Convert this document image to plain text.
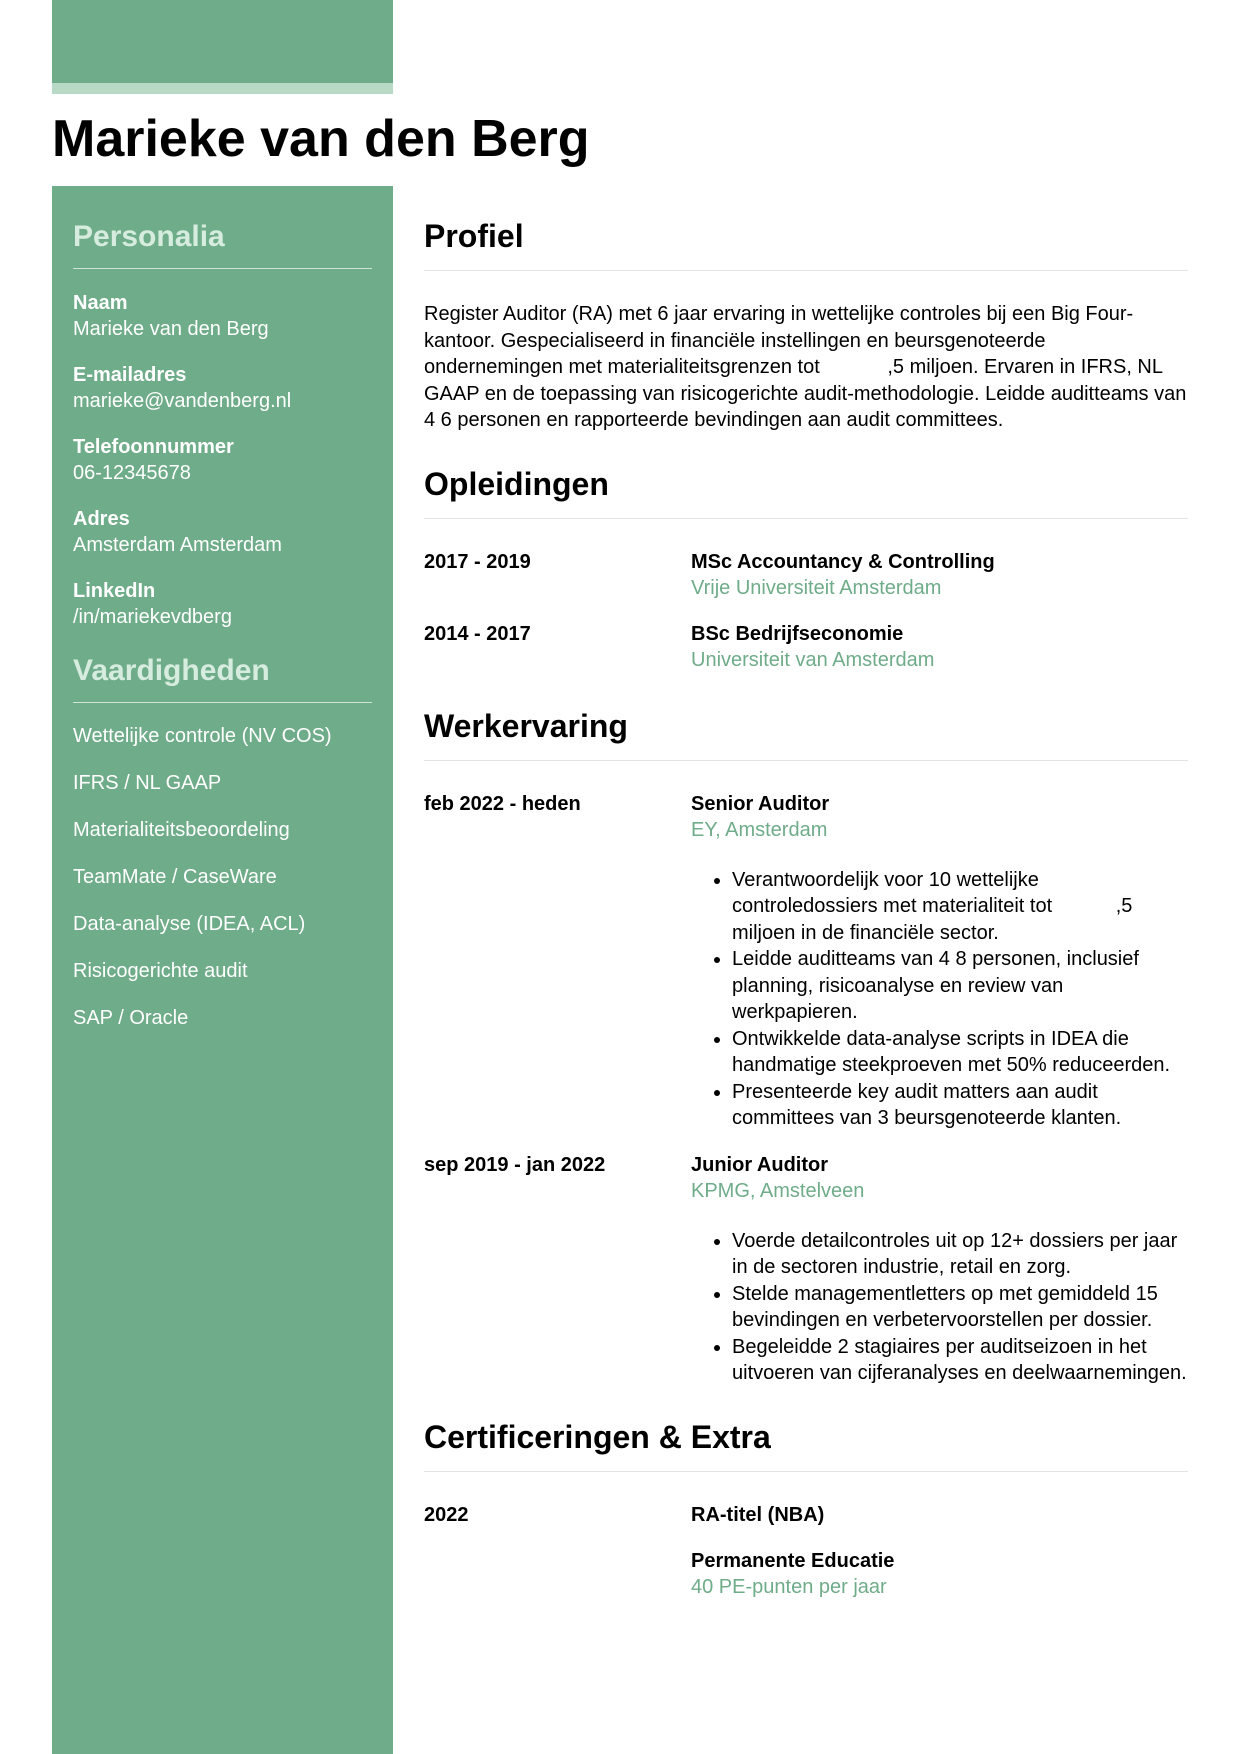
Marieke van den Berg
Personalia
Naam
Marieke van den Berg
E-mailadres
marieke@vandenberg.nl
Telefoonnummer
06-12345678
Adres
Amsterdam Amsterdam
LinkedIn
/in/mariekevdberg
Vaardigheden
Wettelijke controle (NV COS)
IFRS / NL GAAP
Materialiteitsbeoordeling
TeamMate / CaseWare
Data-analyse (IDEA, ACL)
Risicogerichte audit
SAP / Oracle
Profiel

Register Auditor (RA) met 6 jaar ervaring in wettelijke controles bij een Big Four-kantoor. Gespecialiseerd in financiële instellingen en beursgenoteerde ondernemingen met materialiteitsgrenzen tot	,5 miljoen. Ervaren in IFRS, NL GAAP en de toepassing van risicogerichte audit-methodologie. Leidde auditteams van 4 6 personen en rapporteerde bevindingen aan audit committees.

Opleidingen
2017 - 2019	MSc Accountancy & Controlling
Vrije Universiteit Amsterdam
2014 - 2017	BSc Bedrijfseconomie
Universiteit van Amsterdam
Werkervaring
feb 2022 - heden	Senior Auditor
EY, Amsterdam
• Verantwoordelijk voor 10 wettelijke controledossiers met materialiteit tot	,5 miljoen in de financiële sector.
• Leidde auditteams van 4 8 personen, inclusief planning, risicoanalyse en review van werkpapieren.
• Ontwikkelde data-analyse scripts in IDEA die handmatige steekproeven met 50% reduceerden.
• Presenteerde key audit matters aan audit committees van 3 beursgenoteerde klanten.
sep 2019 - jan 2022	Junior Auditor
KPMG, Amstelveen
• Voerde detailcontroles uit op 12+ dossiers per jaar in de sectoren industrie, retail en zorg.
• Stelde managementletters op met gemiddeld 15 bevindingen en verbetervoorstellen per dossier.
• Begeleidde 2 stagiaires per auditseizoen in het uitvoeren van cijferanalyses en deelwaarnemingen.
Certificeringen & Extra
2022	RA-titel (NBA)
Permanente Educatie
40 PE-punten per jaar
